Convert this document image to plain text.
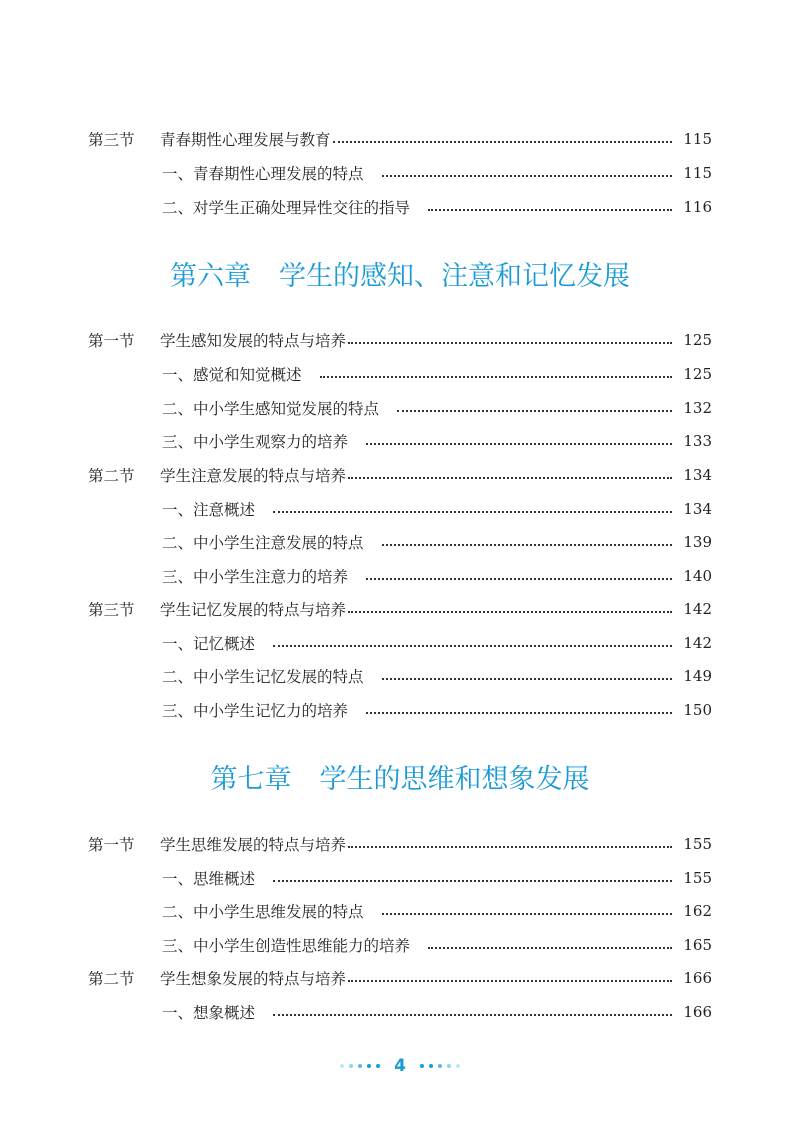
第三节	青春期性心理发展与教育	115
一、青春期性心理发展的特点	115
二、对学生正确处理异性交往的指导	116
第六章 学生的感知、注意和记忆发展
第一节	学生感知发展的特点与培养	125
一、感觉和知觉概述	125
二、中小学生感知觉发展的特点	132
三、中小学生观察力的培养	133
第二节	学生注意发展的特点与培养	134
一、注意概述	134
二、中小学生注意发展的特点	139
三、中小学生注意力的培养	140
第三节	学生记忆发展的特点与培养	142
一、记忆概述	142
二、中小学生记忆发展的特点	149
三、中小学生记忆力的培养	150
第七章 学生的思维和想象发展
第一节	学生思维发展的特点与培养	155
一、思维概述	155
二、中小学生思维发展的特点	162
三、中小学生创造性思维能力的培养	165
第二节	学生想象发展的特点与培养	166
一、想象概述	166
4
